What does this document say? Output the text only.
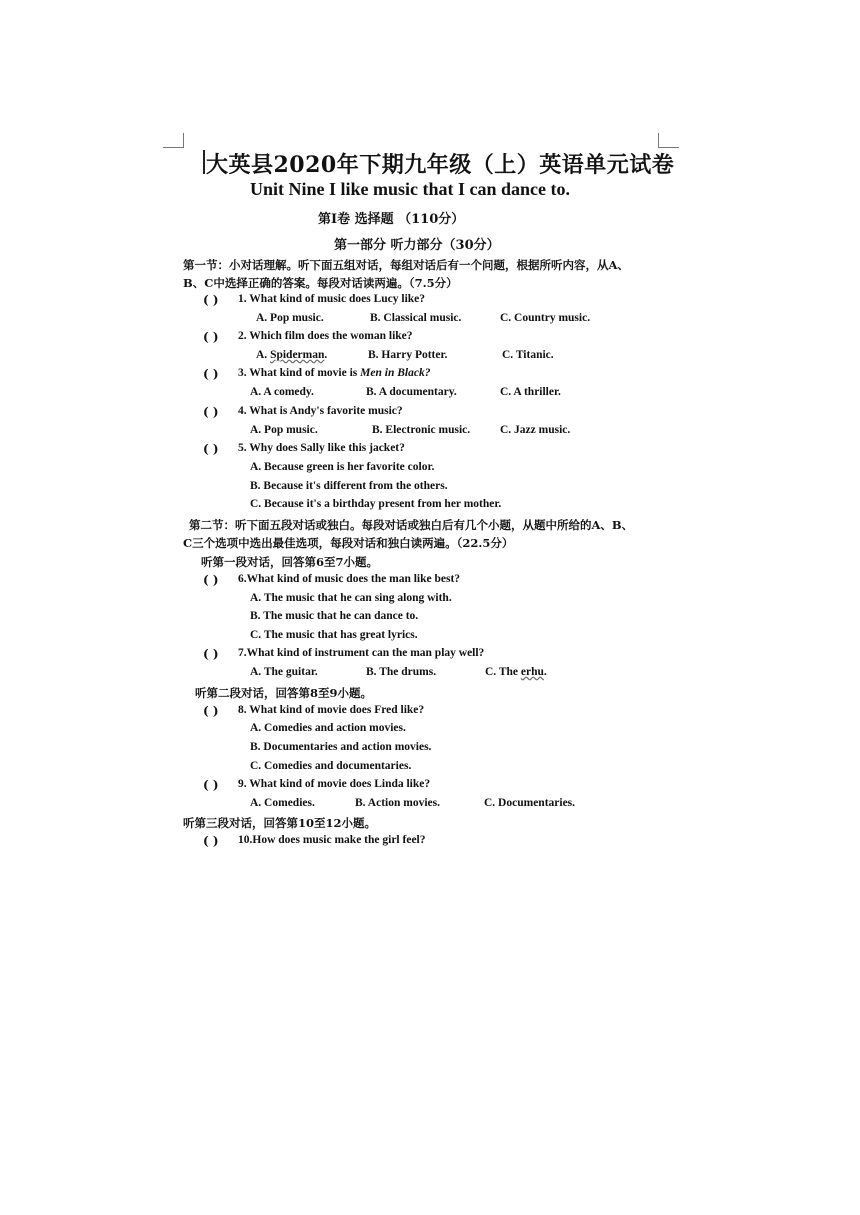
大英县2020年下期九年级（上）英语单元试卷
Unit Nine I like music that I can dance to.
第Ⅰ卷 选择题 （110分）
第一部分 听力部分（30分）
第一节：小对话理解。听下面五组对话，每组对话后有一个问题，根据所听内容，从A、
B、C中选择正确的答案。每段对话读两遍。（7.5分）
( ) 1. What kind of music does Lucy like?
A. Pop music.	B. Classical music.	C. Country music.
( ) 2. Which film does the woman like?
A. Spiderman.	B. Harry Potter.	C. Titanic.
( ) 3. What kind of movie is Men in Black?
A. A comedy.	B. A documentary.	C. A thriller.
( ) 4. What is Andy's favorite music?
A. Pop music.	B. Electronic music.	C. Jazz music.
( ) 5. Why does Sally like this jacket?
A. Because green is her favorite color.
B. Because it's different from the others.
C. Because it's a birthday present from her mother.
第二节：听下面五段对话或独白。每段对话或独白后有几个小题，从题中所给的A、B、
C三个选项中选出最佳选项，每段对话和独白读两遍。（22.5分）
听第一段对话，回答第6至7小题。
( ) 6.What kind of music does the man like best?
A. The music that he can sing along with.
B. The music that he can dance to.
C. The music that has great lyrics.
( ) 7.What kind of instrument can the man play well?
A. The guitar.	B. The drums.	C. The erhu.
听第二段对话，回答第8至9小题。
( ) 8. What kind of movie does Fred like?
A. Comedies and action movies.
B. Documentaries and action movies.
C. Comedies and documentaries.
( ) 9. What kind of movie does Linda like?
A. Comedies.	B. Action movies.	C. Documentaries.
听第三段对话，回答第10至12小题。
( ) 10.How does music make the girl feel?
